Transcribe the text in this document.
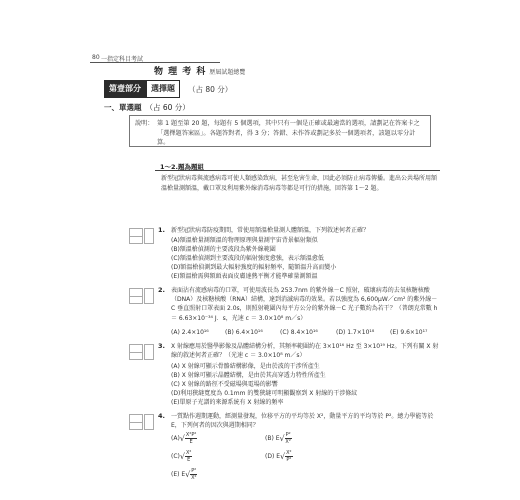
80 一指定科目考試
物 理 考 科 歷屆試題總覽
第壹部分	選擇題	（占 80 分）
一、單選題 （占 60 分）
說明： 第 1 題至第 20 題，每題有 5 個選項，其中只有一個是正確或最適當的選項，請劃記在答案卡之「選擇題答案區」。各題答對者，得 3 分；答錯、未作答或劃記多於一個選項者，該題以零分計算。
1～2.題為題組
新型冠狀病毒與流感病毒可使人類感染致病，甚至危害生命，因此必須防止病毒傳播。進出公共場所用額溫槍量測額溫，戴口罩及利用紫外線消毒病毒等都是可行的措施，回答第 1～2 題。
1. 新型冠狀病毒防疫期間，常使用額溫槍量測人體額溫，下列敘述何者正確？
(A)額溫槍量測額溫的物理原理與量測宇宙背景輻射類似
(B)額溫槍偵測的主要波段為紫外線範圍
(C)額溫槍偵測到主要波段的輻射強度愈強，表示額溫愈低
(D)額溫槍偵測到最大輻射強度的輻射頻率，隨額溫升高而變小
(E)額溫槍需與額頭表面皮膚達熱平衡才能準確量測額溫
2. 表面沾有流感病毒的口罩，可使用波長為 253.7nm 的紫外線－C 照射，破壞病毒的去氧核糖核酸（DNA）及核糖核酸（RNA）結構，達到消滅病毒的效果。若以強度為 6,600μW／cm² 的紫外線－C 垂直照射口罩表面 2.0s，則照射範圍內每平方公分的紫外線－C 光子數約為若干？（普朗克常數 h ＝ 6.63×10⁻³⁴ J．s，光速 c ＝ 3.0×10⁸ m／s）
(A) 2.4×10¹⁶	(B) 6.4×10¹⁶	(C) 8.4×10¹⁶	(D) 1.7×10¹⁸	(E) 9.6×10¹⁷
3. X 射線應用於醫學影像及晶體結構分析，其頻率範圍約在 3×10¹⁶ Hz 至 3×10¹⁹ Hz。下列有關 X 射線的敘述何者正確？（光速 c ＝ 3.0×10⁸ m／s）
(A) X 射線可顯示骨骼結構影像，是由於波的干涉所產生
(B) X 射線可顯示晶體結構，是由於其高穿透力特性所產生
(C) X 射線的路徑不受磁場與電場的影響
(D)利用狹縫寬度為 0.1mm 的雙狹縫可明顯觀察到 X 射線的干涉條紋
(E)單原子光譜的來源系統有 X 射線的頻率
4. 一質點作週期運動，經測量發現，位移平方的平均等於 X²，動量平方的平均等於 P²。總力學能等於 E，下列何者的因次與週期相同？
$(A)√ \frac{\text{X²P²}}{E}$	(B) $E√ \frac{\text{P²}}{\text{X²}}$
$(C)√ \frac{\text{X²}}{E}$	(D) $E√ \frac{\text{X²}}{\text{P²}}$
(E) $E√ \frac{\text{P²}}{\text{X²}}$
